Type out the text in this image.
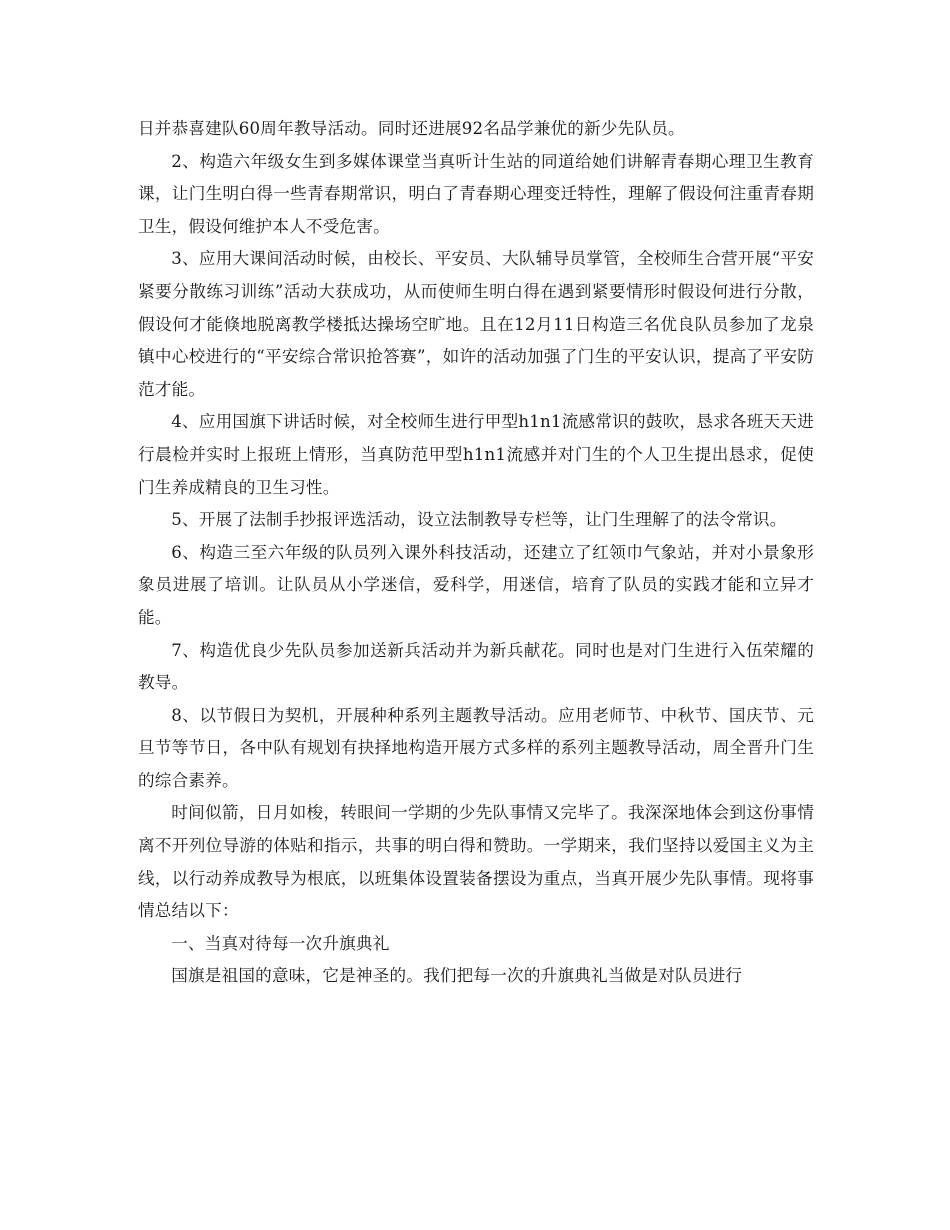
日并恭喜建队60周年教导活动。同时还进展92名品学兼优的新少先队员。

2、构造六年级女生到多媒体课堂当真听计生站的同道给她们讲解青春期心理卫生教育课，让门生明白得一些青春期常识，明白了青春期心理变迁特性，理解了假设何注重青春期卫生，假设何维护本人不受危害。

3、应用大课间活动时候，由校长、平安员、大队辅导员掌管，全校师生合营开展“平安紧要分散练习训练”活动大获成功，从而使师生明白得在遇到紧要情形时假设何进行分散，假设何才能倏地脱离教学楼抵达操场空旷地。且在12月11日构造三名优良队员参加了龙泉镇中心校进行的“平安综合常识抢答赛”，如许的活动加强了门生的平安认识，提高了平安防范才能。

4、应用国旗下讲话时候，对全校师生进行甲型h1n1流感常识的鼓吹，恳求各班天天进行晨检并实时上报班上情形，当真防范甲型h1n1流感并对门生的个人卫生提出恳求，促使门生养成精良的卫生习性。

5、开展了法制手抄报评选活动，设立法制教导专栏等，让门生理解了的法令常识。

6、构造三至六年级的队员列入课外科技活动，还建立了红领巾气象站，并对小景象形象员进展了培训。让队员从小学迷信，爱科学，用迷信，培育了队员的实践才能和立异才能。

7、构造优良少先队员参加送新兵活动并为新兵献花。同时也是对门生进行入伍荣耀的教导。

8、以节假日为契机，开展种种系列主题教导活动。应用老师节、中秋节、国庆节、元旦节等节日，各中队有规划有抉择地构造开展方式多样的系列主题教导活动，周全晋升门生的综合素养。

时间似箭，日月如梭，转眼间一学期的少先队事情又完毕了。我深深地体会到这份事情离不开列位导游的体贴和指示，共事的明白得和赞助。一学期来，我们坚持以爱国主义为主线，以行动养成教导为根底，以班集体设置装备摆设为重点，当真开展少先队事情。现将事情总结以下：

一、当真对待每一次升旗典礼

国旗是祖国的意味，它是神圣的。我们把每一次的升旗典礼当做是对队员进行
